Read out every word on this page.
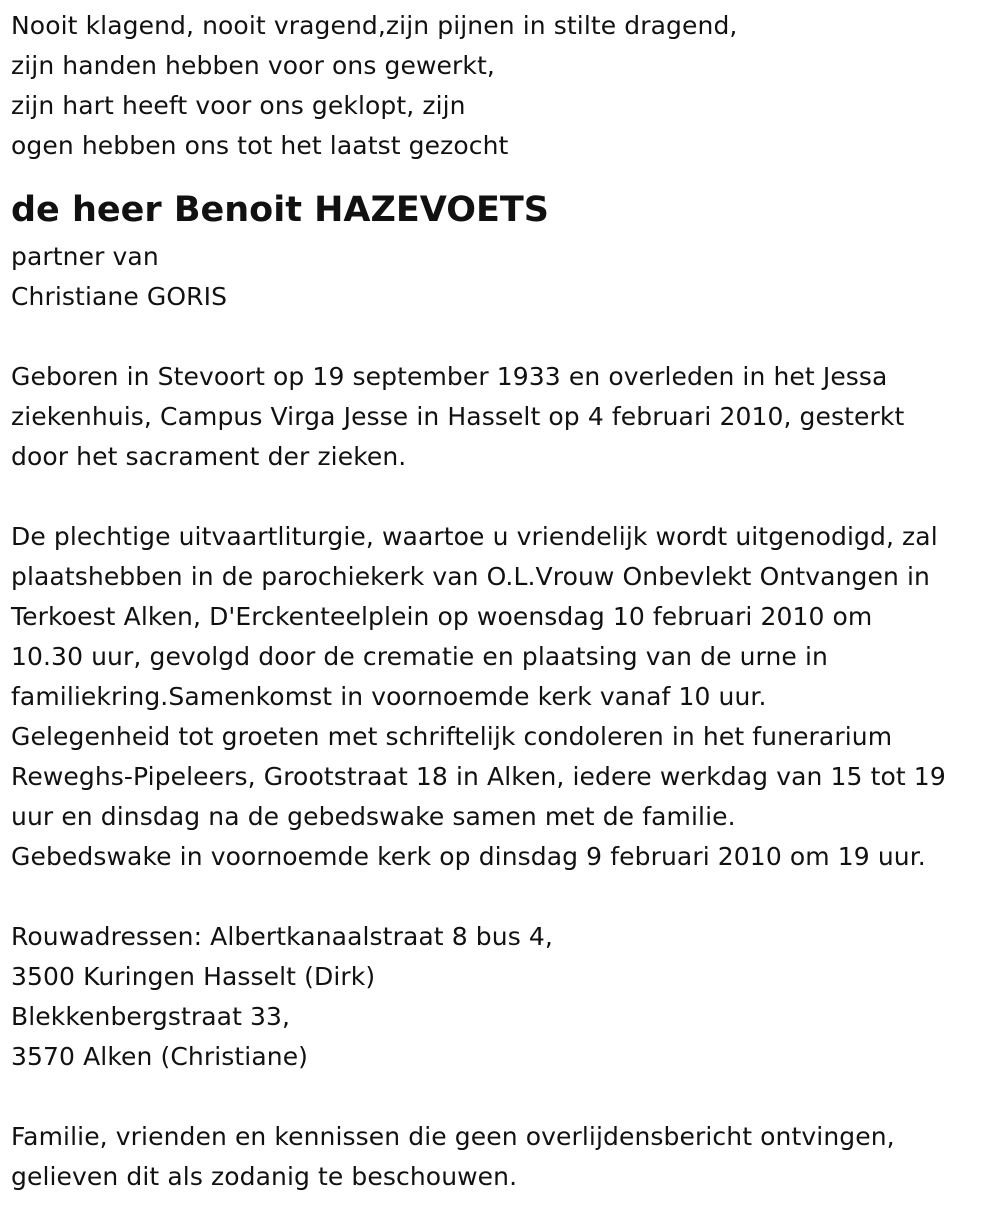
Nooit klagend, nooit vragend,zijn pijnen in stilte dragend,
zijn handen hebben voor ons gewerkt,
zijn hart heeft voor ons geklopt, zijn
ogen hebben ons tot het laatst gezocht
de heer Benoit HAZEVOETS
partner van
Christiane GORIS
Geboren in Stevoort op 19 september 1933 en overleden in het Jessa
ziekenhuis, Campus Virga Jesse in Hasselt op 4 februari 2010, gesterkt
door het sacrament der zieken.
De plechtige uitvaartliturgie, waartoe u vriendelijk wordt uitgenodigd, zal
plaatshebben in de parochiekerk van O.L.Vrouw Onbevlekt Ontvangen in
Terkoest Alken, D'Erckenteelplein op woensdag 10 februari 2010 om
10.30 uur, gevolgd door de crematie en plaatsing van de urne in
familiekring.Samenkomst in voornoemde kerk vanaf 10 uur.
Gelegenheid tot groeten met schriftelijk condoleren in het funerarium
Reweghs-Pipeleers, Grootstraat 18 in Alken, iedere werkdag van 15 tot 19
uur en dinsdag na de gebedswake samen met de familie.
Gebedswake in voornoemde kerk op dinsdag 9 februari 2010 om 19 uur.
Rouwadressen: Albertkanaalstraat 8 bus 4,
3500 Kuringen Hasselt (Dirk)
Blekkenbergstraat 33,
3570 Alken (Christiane)
Familie, vrienden en kennissen die geen overlijdensbericht ontvingen,
gelieven dit als zodanig te beschouwen.
